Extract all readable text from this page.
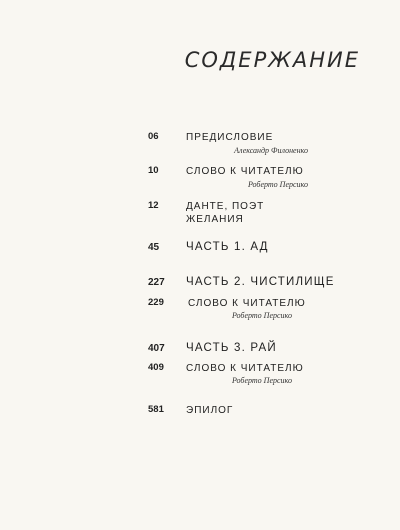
СОДЕРЖАНИЕ
06	ПРЕДИСЛОВИЕ
Александр Филоненко
10	СЛОВО К ЧИТАТЕЛЮ
Роберто Персико
12	ДАНТЕ, ПОЭТ
ЖЕЛАНИЯ
45 ЧАСТЬ 1. АД
227 ЧАСТЬ 2. ЧИСТИЛИЩЕ
229 СЛОВО К ЧИТАТЕЛЮ
Роберто Персико
407 ЧАСТЬ 3. РАЙ
409 СЛОВО К ЧИТАТЕЛЮ
Роберто Персико
581 ЭПИЛОГ
